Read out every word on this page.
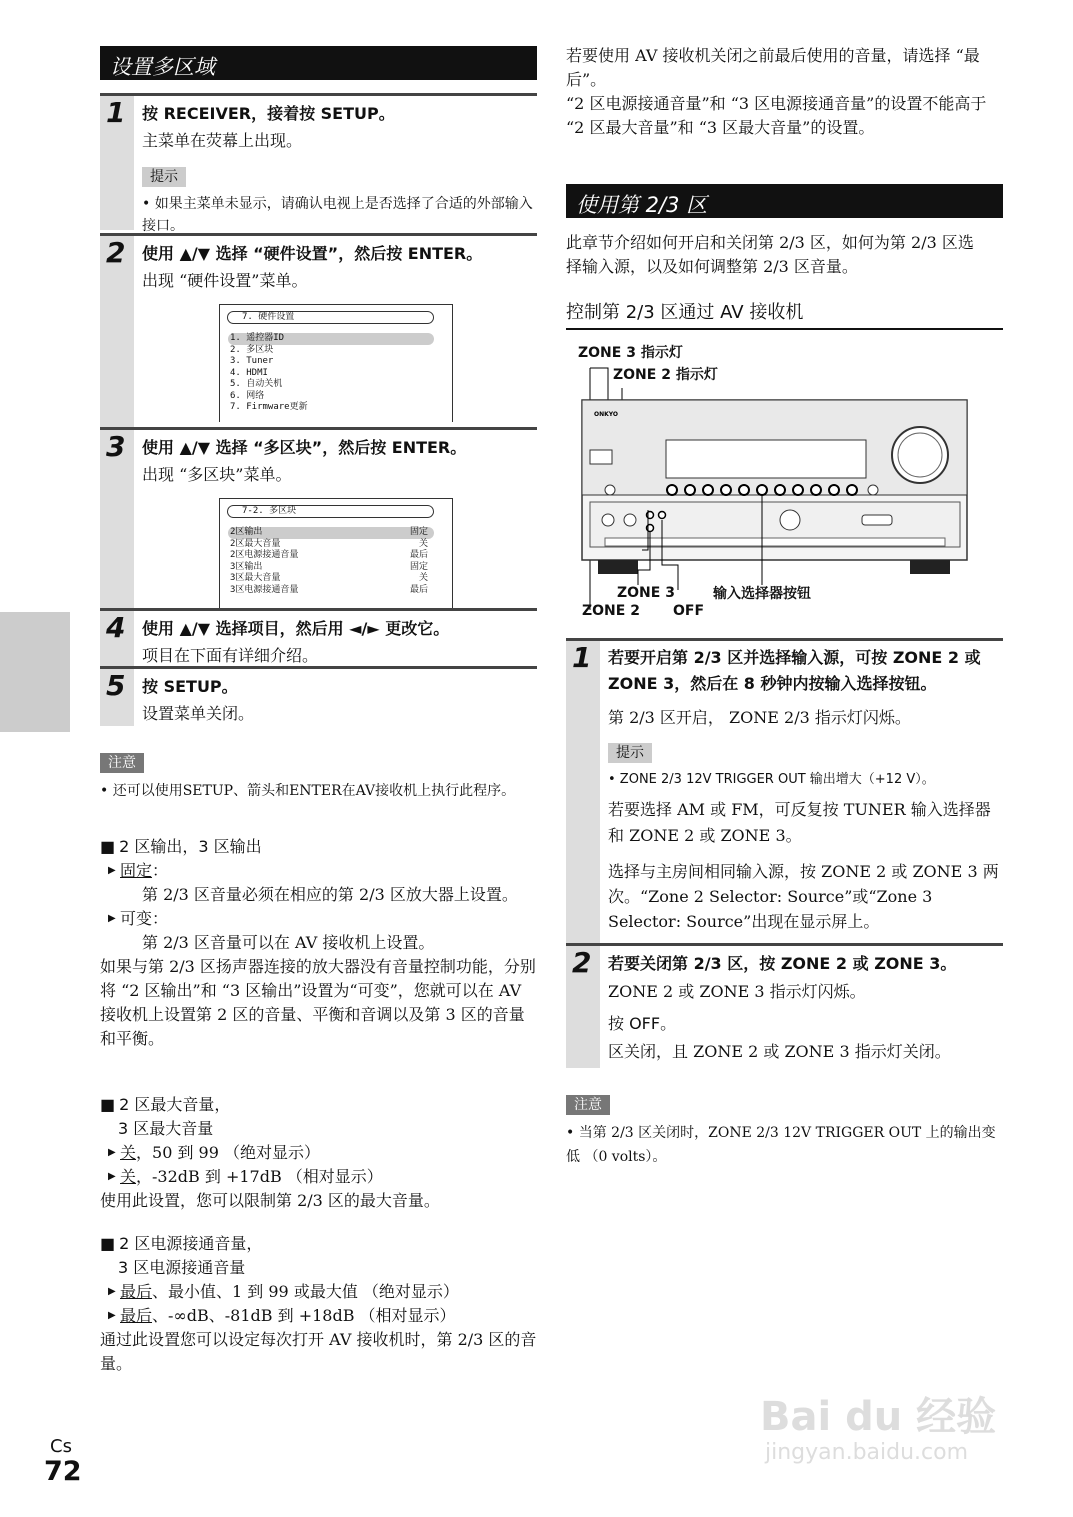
设置多区域
1 按 RECEIVER，接着按 SETUP。
主菜单在荧幕上出现。
提示
• 如果主菜单未显示，请确认电视上是否选择了合适的外部输入接口。
2 使用 ▲/▼ 选择 “硬件设置”，然后按 ENTER。
出现 “硬件设置”菜单。
7. 硬件设置
1. 遥控器ID
2. 多区块
3. Tuner
4. HDMI
5. 自动关机
6. 网络
7. Firmware更新
3 使用 ▲/▼ 选择 “多区块”，然后按 ENTER。
出现 “多区块”菜单。
7-2. 多区块
2区输出	固定
2区最大音量	关
2区电源接通音量	最后
3区输出	固定
3区最大音量	关
3区电源接通音量	最后
4 使用 ▲/▼ 选择项目，然后用 ◄/► 更改它。
项目在下面有详细介绍。
5 按 SETUP。
设置菜单关闭。
注意
• 还可以使用SETUP、箭头和ENTER在AV接收机上执行此程序。
■ 2 区输出，3 区输出
▶ 固定：
第 2/3 区音量必须在相应的第 2/3 区放大器上设置。
▶ 可变：
第 2/3 区音量可以在 AV 接收机上设置。
如果与第 2/3 区扬声器连接的放大器没有音量控制功能，分别将 “2 区输出”和 “3 区输出”设置为“可变”，您就可以在 AV 接收机上设置第 2 区的音量、平衡和音调以及第 3 区的音量和平衡。
■ 2 区最大音量，
3 区最大音量
▶ 关，50 到 99 （绝对显示）
▶ 关，-32dB 到 +17dB （相对显示）
使用此设置，您可以限制第 2/3 区的最大音量。
■ 2 区电源接通音量，
3 区电源接通音量
▶ 最后、最小值、1 到 99 或最大值 （绝对显示）
▶ 最后、-∞dB、-81dB 到 +18dB （相对显示）
通过此设置您可以设定每次打开 AV 接收机时，第 2/3 区的音量。
Cs
72
若要使用 AV 接收机关闭之前最后使用的音量，请选择 “最后”。
“2 区电源接通音量”和 “3 区电源接通音量”的设置不能高于 “2 区最大音量”和 “3 区最大音量”的设置。
使用第 2/3 区
此章节介绍如何开启和关闭第 2/3 区，如何为第 2/3 区选择输入源，以及如何调整第 2/3 区音量。
控制第 2/3 区通过 AV 接收机
ZONE 3 指示灯
ZONE 2 指示灯
ONKYO
ZONE 3
ZONE 2 OFF
输入选择器按钮
1 若要开启第 2/3 区并选择输入源，可按 ZONE 2 或 ZONE 3，然后在 8 秒钟内按输入选择按钮。
第 2/3 区开启， ZONE 2/3 指示灯闪烁。
提示
• ZONE 2/3 12V TRIGGER OUT 输出增大（+12 V）。
若要选择 AM 或 FM，可反复按 TUNER 输入选择器和 ZONE 2 或 ZONE 3。
选择与主房间相同输入源，按 ZONE 2 或 ZONE 3 两次。“Zone 2 Selector: Source”或“Zone 3 Selector: Source”出现在显示屏上。
2 若要关闭第 2/3 区，按 ZONE 2 或 ZONE 3。
ZONE 2 或 ZONE 3 指示灯闪烁。
按 OFF。
区关闭，且 ZONE 2 或 ZONE 3 指示灯关闭。
注意
• 当第 2/3 区关闭时，ZONE 2/3 12V TRIGGER OUT 上的输出变低 （0 volts）。
Bai du 经验
jingyan.baidu.com
